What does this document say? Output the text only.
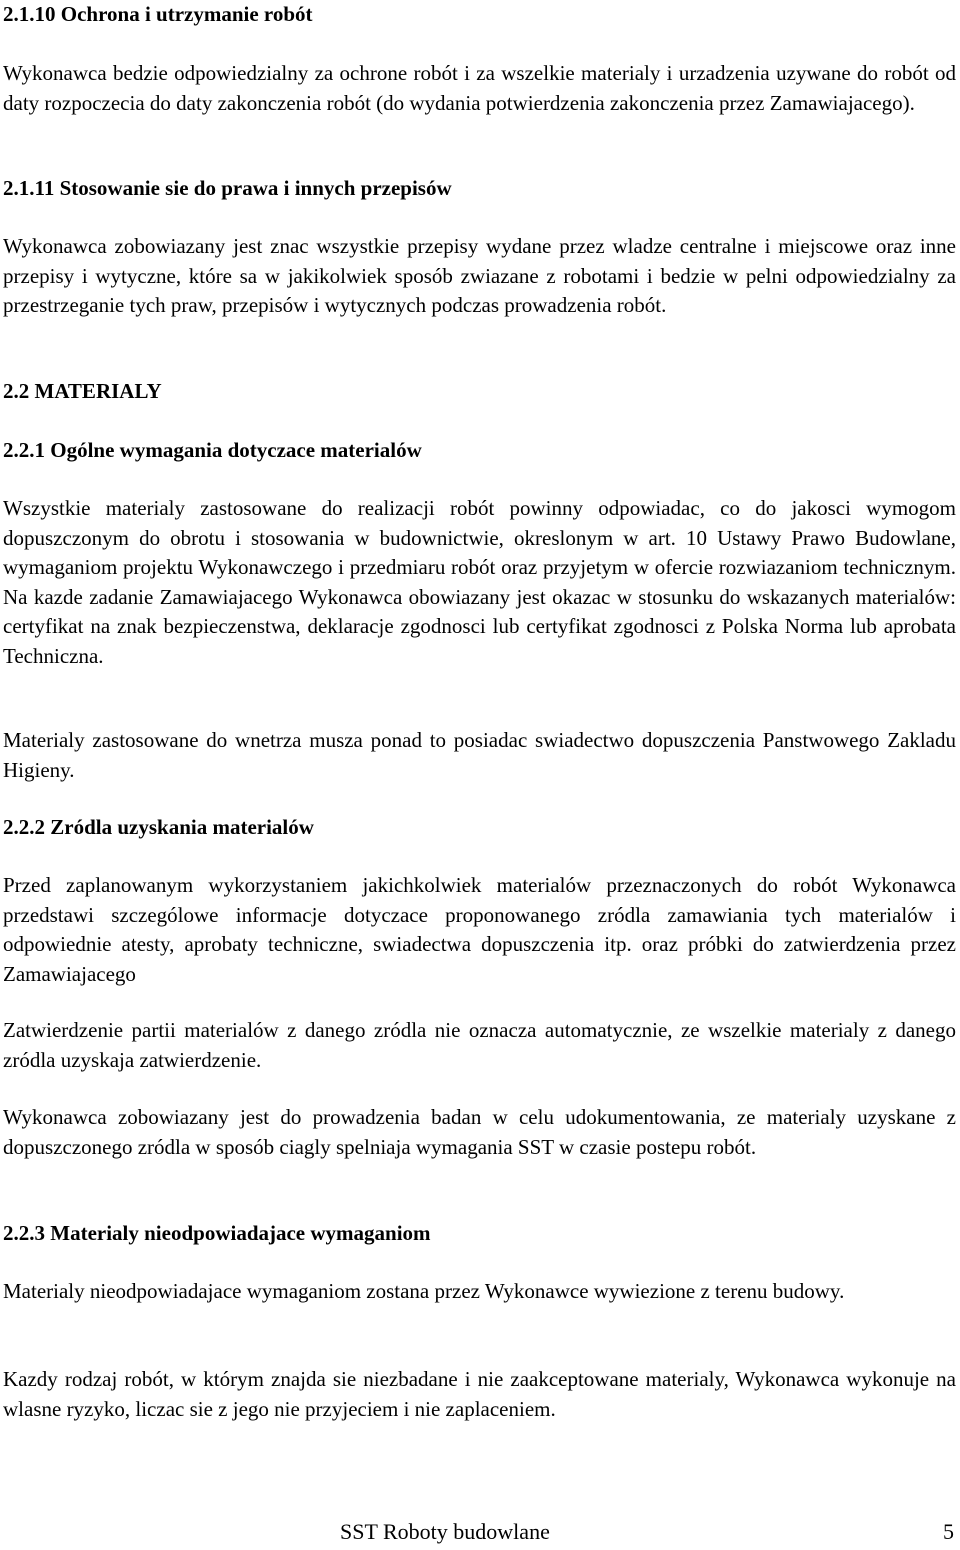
2.1.10 Ochrona i utrzymanie robót

Wykonawca bedzie odpowiedzialny za ochrone robót i za wszelkie materialy i urzadzenia uzywane do robót od daty rozpoczecia do daty zakonczenia robót (do wydania potwierdzenia zakonczenia przez Zamawiajacego).

2.1.11 Stosowanie sie do prawa i innych przepisów

Wykonawca zobowiazany jest znac wszystkie przepisy wydane przez wladze centralne i miejscowe oraz inne przepisy i wytyczne, które sa w jakikolwiek sposób zwiazane z robotami i bedzie w pelni odpowiedzialny za przestrzeganie tych praw, przepisów i wytycznych podczas prowadzenia robót.

2.2 MATERIALY

2.2.1 Ogólne wymagania dotyczace materialów

Wszystkie materialy zastosowane do realizacji robót powinny odpowiadac, co do jakosci wymogom dopuszczonym do obrotu i stosowania w budownictwie, okreslonym w art. 10 Ustawy Prawo Budowlane, wymaganiom projektu Wykonawczego i przedmiaru robót oraz przyjetym w ofercie rozwiazaniom technicznym. Na kazde zadanie Zamawiajacego Wykonawca obowiazany jest okazac w stosunku do wskazanych materialów: certyfikat na znak bezpieczenstwa, deklaracje zgodnosci lub certyfikat zgodnosci z Polska Norma lub aprobata Techniczna.

Materialy zastosowane do wnetrza musza ponad to posiadac swiadectwo dopuszczenia Panstwowego Zakladu Higieny.

2.2.2 Zródla uzyskania materialów

Przed zaplanowanym wykorzystaniem jakichkolwiek materialów przeznaczonych do robót Wykonawca przedstawi szczególowe informacje dotyczace proponowanego zródla zamawiania tych materialów i odpowiednie atesty, aprobaty techniczne, swiadectwa dopuszczenia itp. oraz próbki do zatwierdzenia przez Zamawiajacego

Zatwierdzenie partii materialów z danego zródla nie oznacza automatycznie, ze wszelkie materialy z danego zródla uzyskaja zatwierdzenie.

Wykonawca zobowiazany jest do prowadzenia badan w celu udokumentowania, ze materialy uzyskane z dopuszczonego zródla w sposób ciagly spelniaja wymagania SST w czasie postepu robót.

2.2.3 Materialy nieodpowiadajace wymaganiom

Materialy nieodpowiadajace wymaganiom zostana przez Wykonawce wywiezione z terenu budowy.

Kazdy rodzaj robót, w którym znajda sie niezbadane i nie zaakceptowane materialy, Wykonawca wykonuje na wlasne ryzyko, liczac sie z jego nie przyjeciem i nie zaplaceniem.

SST Roboty budowlane	5
